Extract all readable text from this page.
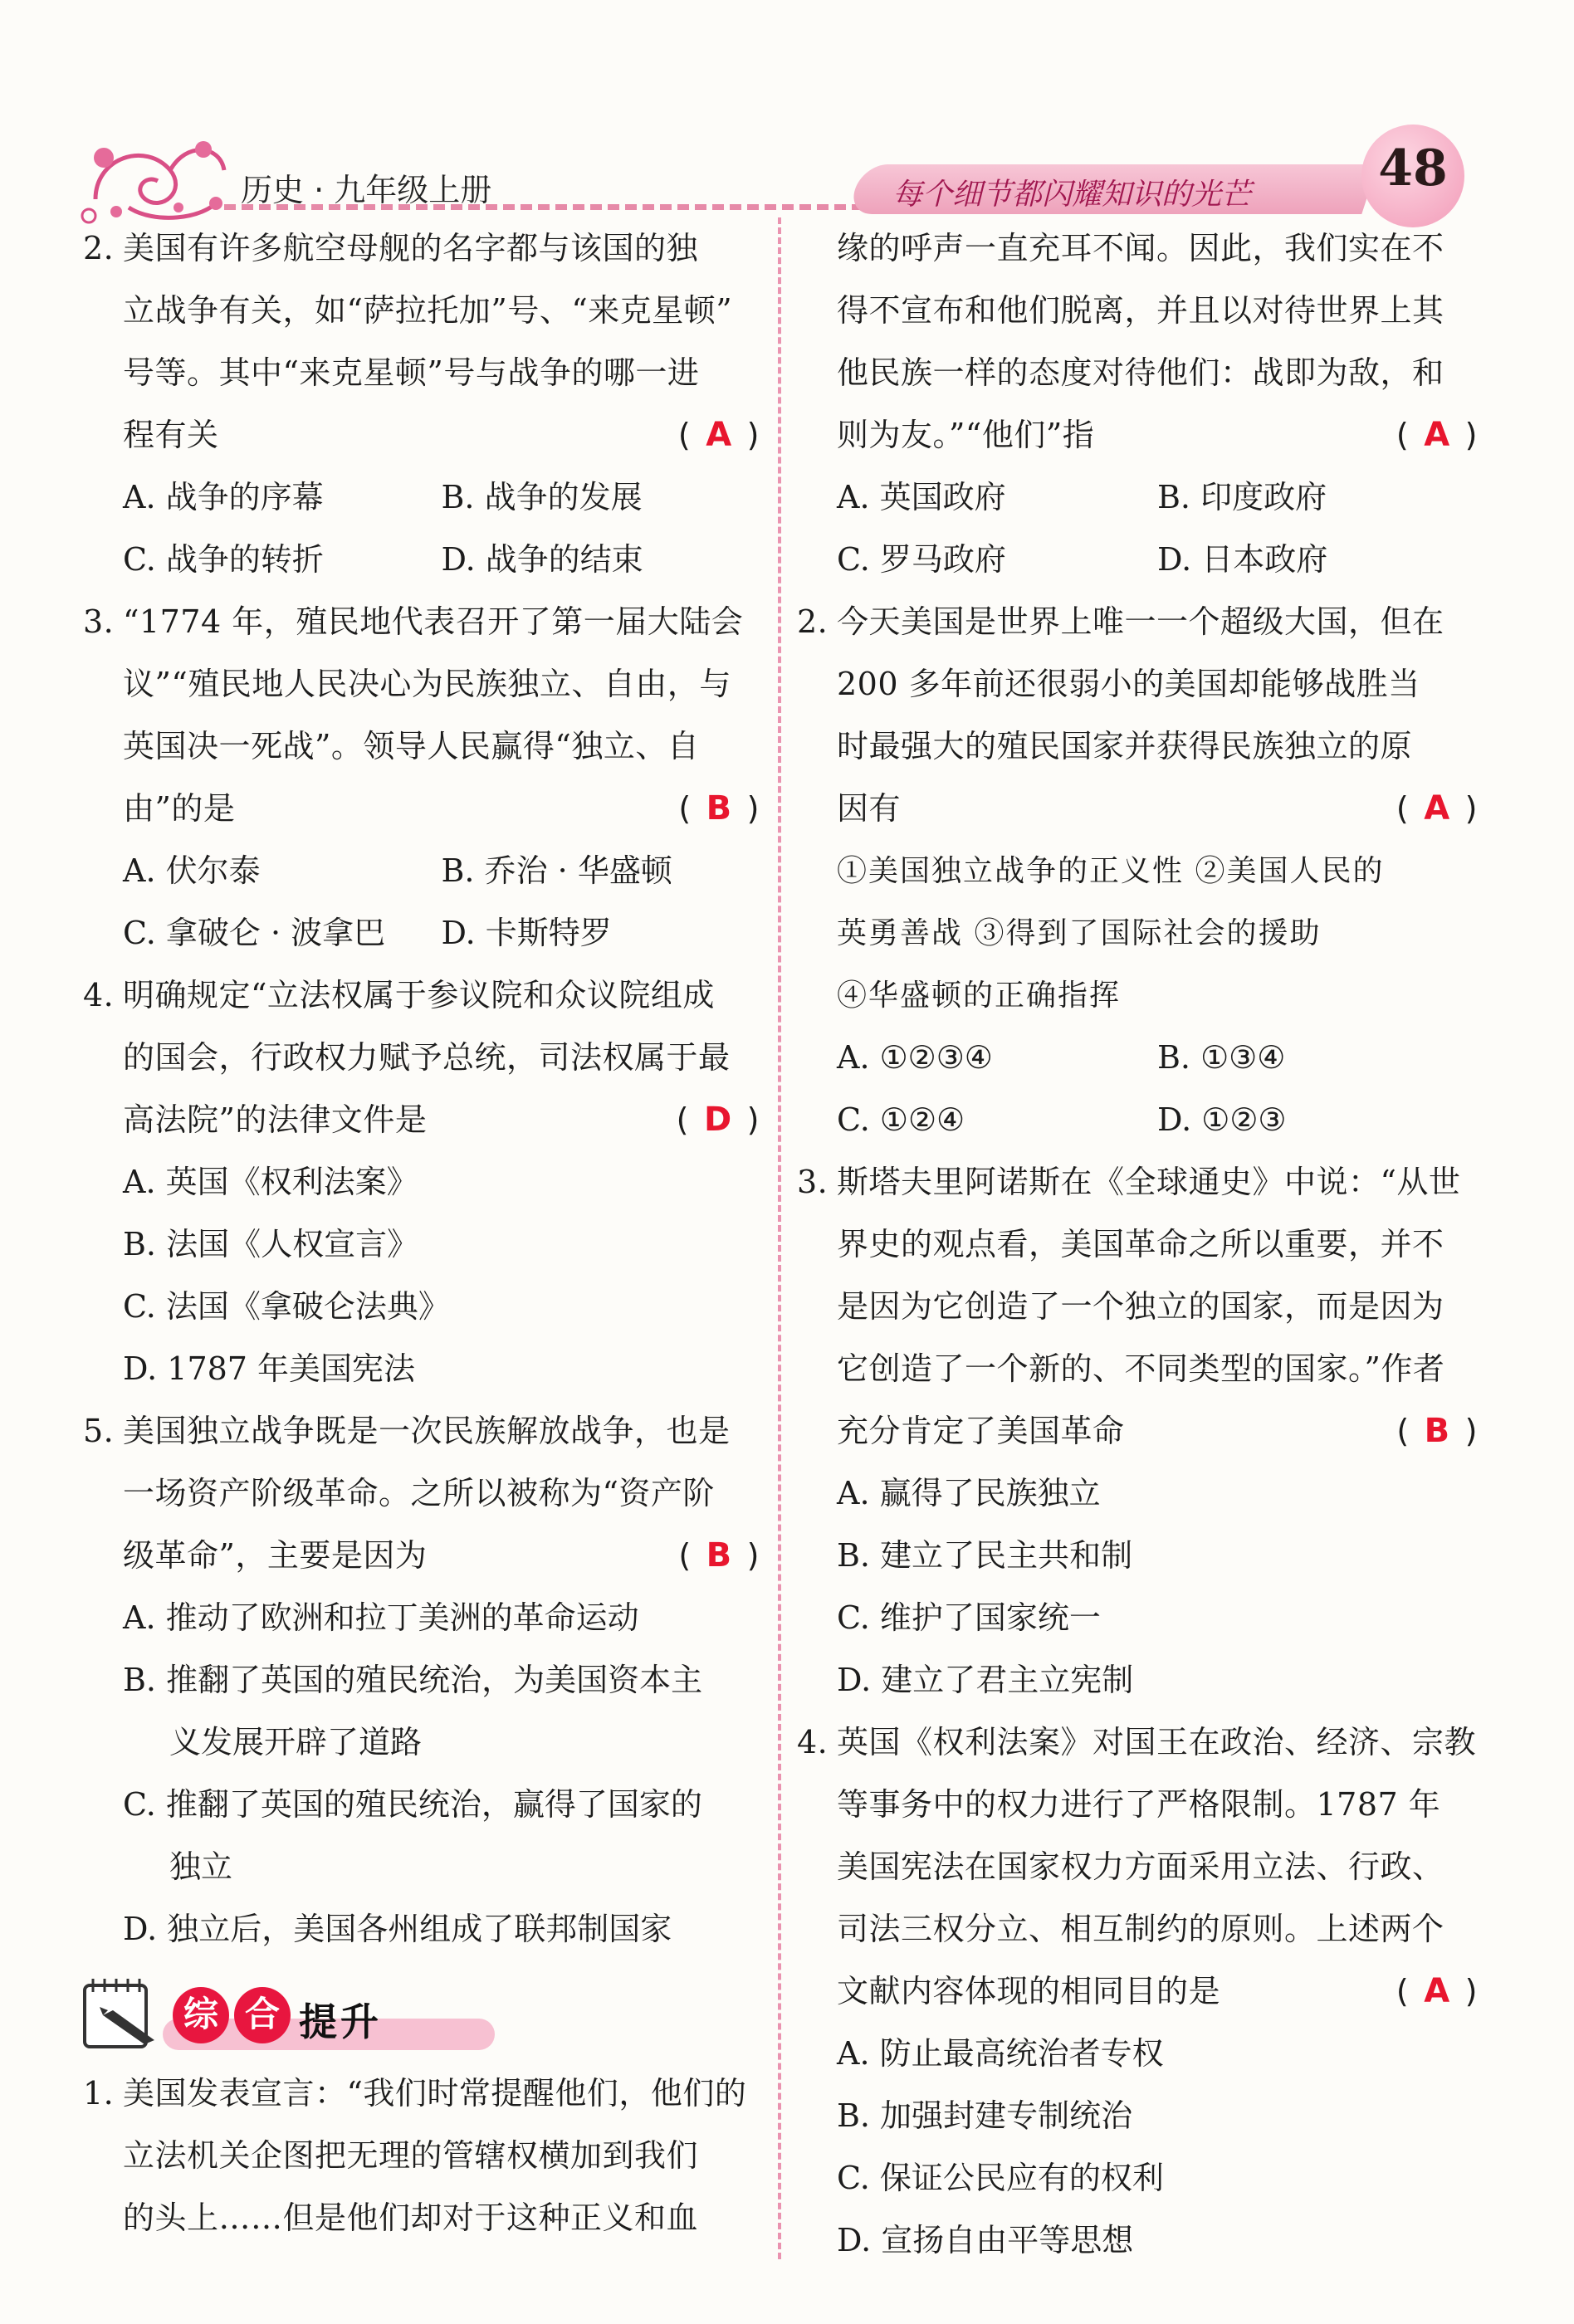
历史 · 九年级上册	每个细节都闪耀知识的光芒	48
2. 美国有许多航空母舰的名字都与该国的独
立战争有关，如“萨拉托加”号、“来克星顿”
号等。其中“来克星顿”号与战争的哪一进
程有关	( A )
A. 战争的序幕	B. 战争的发展
C. 战争的转折	D. 战争的结束
3. “1774 年，殖民地代表召开了第一届大陆会
议”“殖民地人民决心为民族独立、自由，与
英国决一死战”。领导人民赢得“独立、自
由”的是	( B )
A. 伏尔泰	B. 乔治 · 华盛顿
C. 拿破仑 · 波拿巴	D. 卡斯特罗
4. 明确规定“立法权属于参议院和众议院组成
的国会，行政权力赋予总统，司法权属于最
高法院”的法律文件是	( D )
A. 英国《权利法案》
B. 法国《人权宣言》
C. 法国《拿破仑法典》
D. 1787 年美国宪法
5. 美国独立战争既是一次民族解放战争，也是
一场资产阶级革命。之所以被称为“资产阶
级革命”，主要是因为	( B )
A. 推动了欧洲和拉丁美洲的革命运动
B. 推翻了英国的殖民统治，为美国资本主
义发展开辟了道路
C. 推翻了英国的殖民统治，赢得了国家的
独立
D. 独立后，美国各州组成了联邦制国家
综 合 提升
1. 美国发表宣言：“我们时常提醒他们，他们的
立法机关企图把无理的管辖权横加到我们
的头上……但是他们却对于这种正义和血
缘的呼声一直充耳不闻。因此，我们实在不
得不宣布和他们脱离，并且以对待世界上其
他民族一样的态度对待他们：战即为敌，和
则为友。”“他们”指	( A )
A. 英国政府	B. 印度政府
C. 罗马政府	D. 日本政府
2. 今天美国是世界上唯一一个超级大国，但在
200 多年前还很弱小的美国却能够战胜当
时最强大的殖民国家并获得民族独立的原
因有	( A )
①美国独立战争的正义性 ②美国人民的
英勇善战 ③得到了国际社会的援助
④华盛顿的正确指挥
A. ①②③④	B. ①③④
C. ①②④	D. ①②③
3. 斯塔夫里阿诺斯在《全球通史》中说：“从世
界史的观点看，美国革命之所以重要，并不
是因为它创造了一个独立的国家，而是因为
它创造了一个新的、不同类型的国家。”作者
充分肯定了美国革命	( B )
A. 赢得了民族独立
B. 建立了民主共和制
C. 维护了国家统一
D. 建立了君主立宪制
4. 英国《权利法案》对国王在政治、经济、宗教
等事务中的权力进行了严格限制。1787 年
美国宪法在国家权力方面采用立法、行政、
司法三权分立、相互制约的原则。上述两个
文献内容体现的相同目的是	( A )
A. 防止最高统治者专权
B. 加强封建专制统治
C. 保证公民应有的权利
D. 宣扬自由平等思想
